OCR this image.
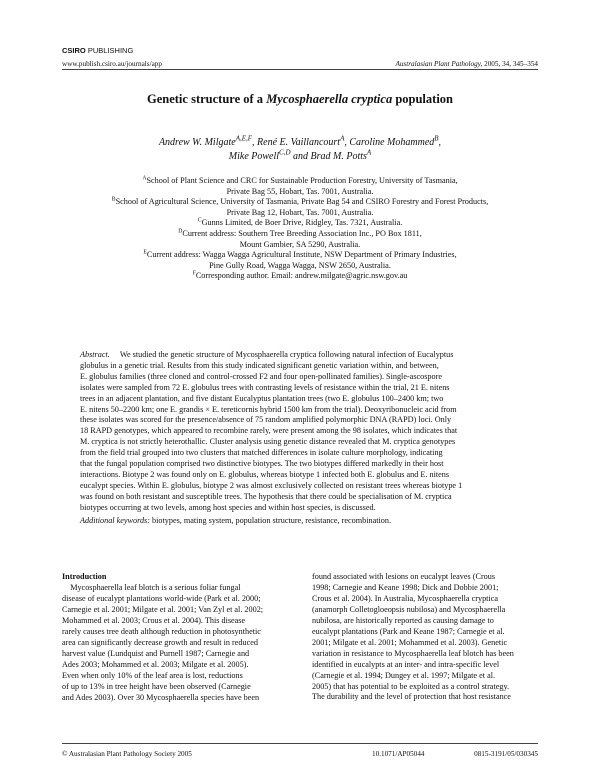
CSIRO PUBLISHING
www.publish.csiro.au/journals/app	Australasian Plant Pathology, 2005, 34, 345–354
Genetic structure of a Mycosphaerella cryptica population
Andrew W. Milgate$^{A,E,F}$, René E. Vaillancourt$^A$, Caroline Mohammed$^B$,
Mike Powell$^{C,D}$ and Brad M. Potts$^A$
$^A$School of Plant Science and CRC for Sustainable Production Forestry, University of Tasmania,
Private Bag 55, Hobart, Tas. 7001, Australia.
$^B$School of Agricultural Science, University of Tasmania, Private Bag 54 and CSIRO Forestry and Forest Products,
Private Bag 12, Hobart, Tas. 7001, Australia.
$^C$Gunns Limited, de Boer Drive, Ridgley, Tas. 7321, Australia.
$^D$Current address: Southern Tree Breeding Association Inc., PO Box 1811,
Mount Gambier, SA 5290, Australia.
$^E$Current address: Wagga Wagga Agricultural Institute, NSW Department of Primary Industries,
Pine Gully Road, Wagga Wagga, NSW 2650, Australia.
$^F$Corresponding author. Email: andrew.milgate@agric.nsw.gov.au
Abstract.     We studied the genetic structure of Mycosphaerella cryptica following natural infection of Eucalyptus
globulus in a genetic trial. Results from this study indicated significant genetic variation within, and between,
E. globulus families (three cloned and control-crossed F2 and four open-pollinated families). Single-ascospore
isolates were sampled from 72 E. globulus trees with contrasting levels of resistance within the trial, 21 E. nitens
trees in an adjacent plantation, and five distant Eucalyptus plantation trees (two E. globulus 100–2400 km; two
E. nitens 50–2200 km; one E. grandis × E. tereticornis hybrid 1500 km from the trial). Deoxyribonucleic acid from
these isolates was scored for the presence/absence of 75 random amplified polymorphic DNA (RAPD) loci. Only
18 RAPD genotypes, which appeared to recombine rarely, were present among the 98 isolates, which indicates that
M. cryptica is not strictly heterothallic. Cluster analysis using genetic distance revealed that M. cryptica genotypes
from the field trial grouped into two clusters that matched differences in isolate culture morphology, indicating
that the fungal population comprised two distinctive biotypes. The two biotypes differed markedly in their host
interactions. Biotype 2 was found only on E. globulus, whereas biotype 1 infected both E. globulus and E. nitens
eucalypt species. Within E. globulus, biotype 2 was almost exclusively collected on resistant trees whereas biotype 1
was found on both resistant and susceptible trees. The hypothesis that there could be specialisation of M. cryptica
biotypes occurring at two levels, among host species and within host species, is discussed.
Additional keywords: biotypes, mating system, population structure, resistance, recombination.
Introduction
Mycosphaerella leaf blotch is a serious foliar fungal
disease of eucalypt plantations world-wide (Park et al. 2000;
Carnegie et al. 2001; Milgate et al. 2001; Van Zyl et al. 2002;
Mohammed et al. 2003; Crous et al. 2004). This disease
rarely causes tree death although reduction in photosynthetic
area can significantly decrease growth and result in reduced
harvest value (Lundquist and Purnell 1987; Carnegie and
Ades 2003; Mohammed et al. 2003; Milgate et al. 2005).
Even when only 10% of the leaf area is lost, reductions
of up to 13% in tree height have been observed (Carnegie
and Ades 2003). Over 30 Mycosphaerella species have been
found associated with lesions on eucalypt leaves (Crous
1998; Carnegie and Keane 1998; Dick and Dobbie 2001;
Crous et al. 2004). In Australia, Mycosphaerella cryptica
(anamorph Colletogloeopsis nubilosa) and Mycosphaerella
nubilosa, are historically reported as causing damage to
eucalypt plantations (Park and Keane 1987; Carnegie et al.
2001; Milgate et al. 2001; Mohammed et al. 2003). Genetic
variation in resistance to Mycosphaerella leaf blotch has been
identified in eucalypts at an inter- and intra-specific level
(Carnegie et al. 1994; Dungey et al. 1997; Milgate et al.
2005) that has potential to be exploited as a control strategy.
The durability and the level of protection that host resistance
© Australasian Plant Pathology Society 2005	10.1071/AP05044	0815-3191/05/030345
